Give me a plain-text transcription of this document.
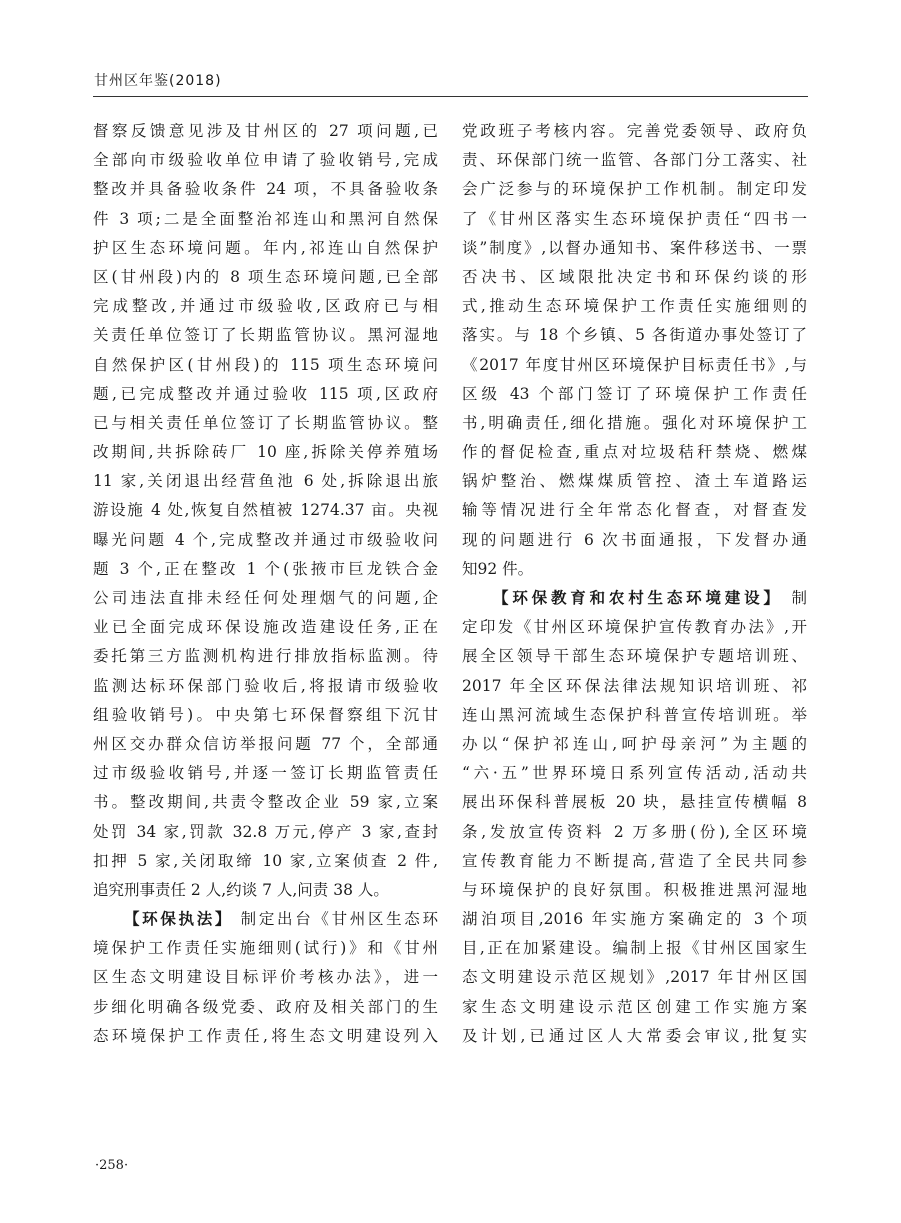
甘州区年鉴(2018)
督察反馈意见涉及甘州区的 27 项问题,已
全部向市级验收单位申请了验收销号,完成
整改并具备验收条件 24 项，不具备验收条
件 3 项;二是全面整治祁连山和黑河自然保
护区生态环境问题。年内,祁连山自然保护
区(甘州段)内的 8 项生态环境问题,已全部
完成整改,并通过市级验收,区政府已与相
关责任单位签订了长期监管协议。黑河湿地
自然保护区(甘州段)的 115 项生态环境问
题,已完成整改并通过验收 115 项,区政府
已与相关责任单位签订了长期监管协议。整
改期间,共拆除砖厂 10 座,拆除关停养殖场
11 家,关闭退出经营鱼池 6 处,拆除退出旅
游设施 4 处,恢复自然植被 1274.37 亩。央视
曝光问题 4 个,完成整改并通过市级验收问
题 3 个,正在整改 1 个(张掖市巨龙铁合金
公司违法直排未经任何处理烟气的问题,企
业已全面完成环保设施改造建设任务,正在
委托第三方监测机构进行排放指标监测。待
监测达标环保部门验收后,将报请市级验收
组验收销号)。中央第七环保督察组下沉甘
州区交办群众信访举报问题 77 个，全部通
过市级验收销号,并逐一签订长期监管责任
书。整改期间,共责令整改企业 59 家,立案
处罚 34 家,罚款 32.8 万元,停产 3 家,查封
扣押 5 家,关闭取缔 10 家,立案侦查 2 件,
追究刑事责任 2 人,约谈 7 人,问责 38 人。
【环保执法】 制定出台《甘州区生态环
境保护工作责任实施细则(试行)》和《甘州
区生态文明建设目标评价考核办法》，进一
步细化明确各级党委、政府及相关部门的生
态环境保护工作责任,将生态文明建设列入
党政班子考核内容。完善党委领导、政府负
责、环保部门统一监管、各部门分工落实、社
会广泛参与的环境保护工作机制。制定印发
了《甘州区落实生态环境保护责任“四书一
谈”制度》,以督办通知书、案件移送书、一票
否决书、区域限批决定书和环保约谈的形
式,推动生态环境保护工作责任实施细则的
落实。与 18 个乡镇、5 各街道办事处签订了
《2017 年度甘州区环境保护目标责任书》,与
区级 43 个部门签订了环境保护工作责任
书,明确责任,细化措施。强化对环境保护工
作的督促检查,重点对垃圾秸秆禁烧、燃煤
锅炉整治、燃煤煤质管控、渣土车道路运
输等情况进行全年常态化督查，对督查发
现的问题进行 6 次书面通报，下发督办通
知92 件。
【环保教育和农村生态环境建设】 制
定印发《甘州区环境保护宣传教育办法》,开
展全区领导干部生态环境保护专题培训班、
2017 年全区环保法律法规知识培训班、祁
连山黑河流域生态保护科普宣传培训班。举
办以“保护祁连山,呵护母亲河”为主题的
“六·五”世界环境日系列宣传活动,活动共
展出环保科普展板 20 块，悬挂宣传横幅 8
条,发放宣传资料 2 万多册(份),全区环境
宣传教育能力不断提高,营造了全民共同参
与环境保护的良好氛围。积极推进黑河湿地
湖泊项目,2016 年实施方案确定的 3 个项
目,正在加紧建设。编制上报《甘州区国家生
态文明建设示范区规划》,2017 年甘州区国
家生态文明建设示范区创建工作实施方案
及计划,已通过区人大常委会审议,批复实
·258·
